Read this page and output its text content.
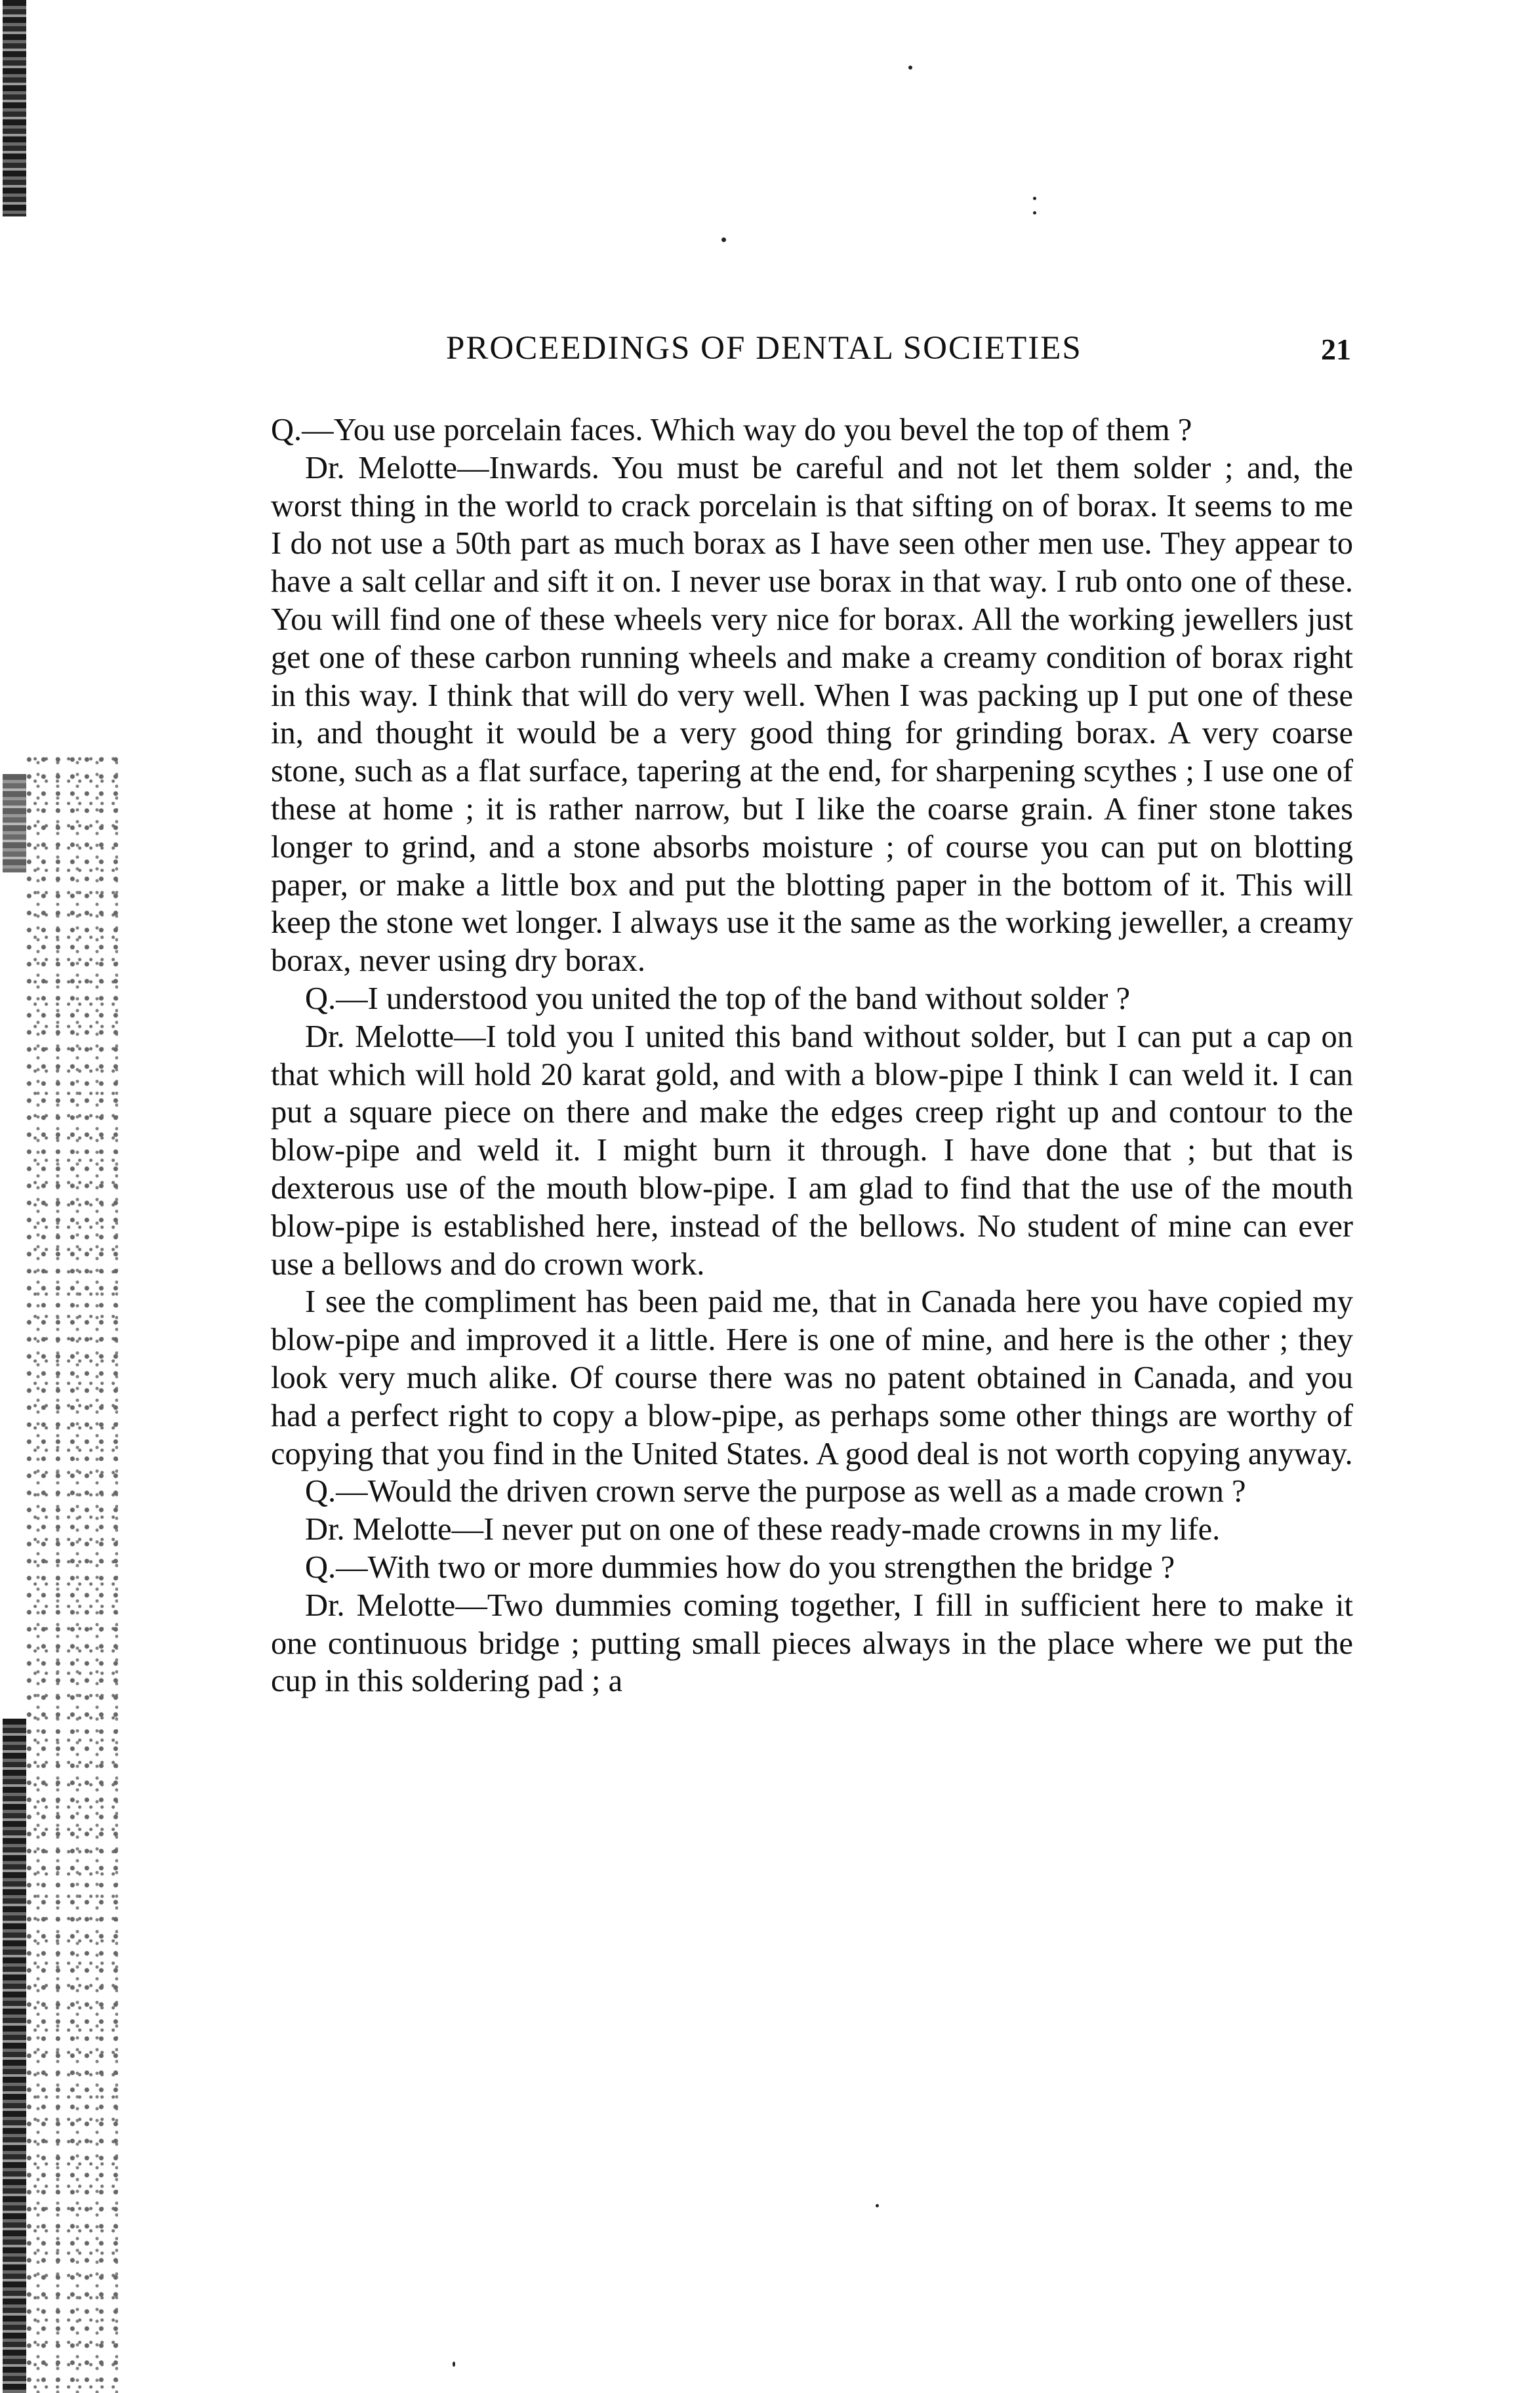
PROCEEDINGS OF DENTAL SOCIETIES	21

Q.—You use porcelain faces. Which way do you bevel the top of them ?

Dr. Melotte—Inwards. You must be careful and not let them solder ; and, the worst thing in the world to crack porcelain is that sifting on of borax. It seems to me I do not use a 50th part as much borax as I have seen other men use. They appear to have a salt cellar and sift it on. I never use borax in that way. I rub onto one of these. You will find one of these wheels very nice for borax. All the working jewellers just get one of these carbon running wheels and make a creamy condition of borax right in this way. I think that will do very well. When I was packing up I put one of these in, and thought it would be a very good thing for grinding borax. A very coarse stone, such as a flat surface, tapering at the end, for sharpening scythes ; I use one of these at home ; it is rather narrow, but I like the coarse grain. A finer stone takes longer to grind, and a stone absorbs moisture ; of course you can put on blotting paper, or make a little box and put the blotting paper in the bottom of it. This will keep the stone wet longer. I always use it the same as the working jeweller, a creamy borax, never using dry borax.

Q.—I understood you united the top of the band without solder ?

Dr. Melotte—I told you I united this band without solder, but I can put a cap on that which will hold 20 karat gold, and with a blow-pipe I think I can weld it. I can put a square piece on there and make the edges creep right up and contour to the blow-pipe and weld it. I might burn it through. I have done that ; but that is dexterous use of the mouth blow-pipe. I am glad to find that the use of the mouth blow-pipe is established here, instead of the bellows. No student of mine can ever use a bellows and do crown work.

I see the compliment has been paid me, that in Canada here you have copied my blow-pipe and improved it a little. Here is one of mine, and here is the other ; they look very much alike. Of course there was no patent obtained in Canada, and you had a perfect right to copy a blow-pipe, as perhaps some other things are worthy of copying that you find in the United States. A good deal is not worth copying anyway.

Q.—Would the driven crown serve the purpose as well as a made crown ?

Dr. Melotte—I never put on one of these ready-made crowns in my life.

Q.—With two or more dummies how do you strengthen the bridge ?

Dr. Melotte—Two dummies coming together, I fill in sufficient here to make it one continuous bridge ; putting small pieces always in the place where we put the cup in this soldering pad ; a
